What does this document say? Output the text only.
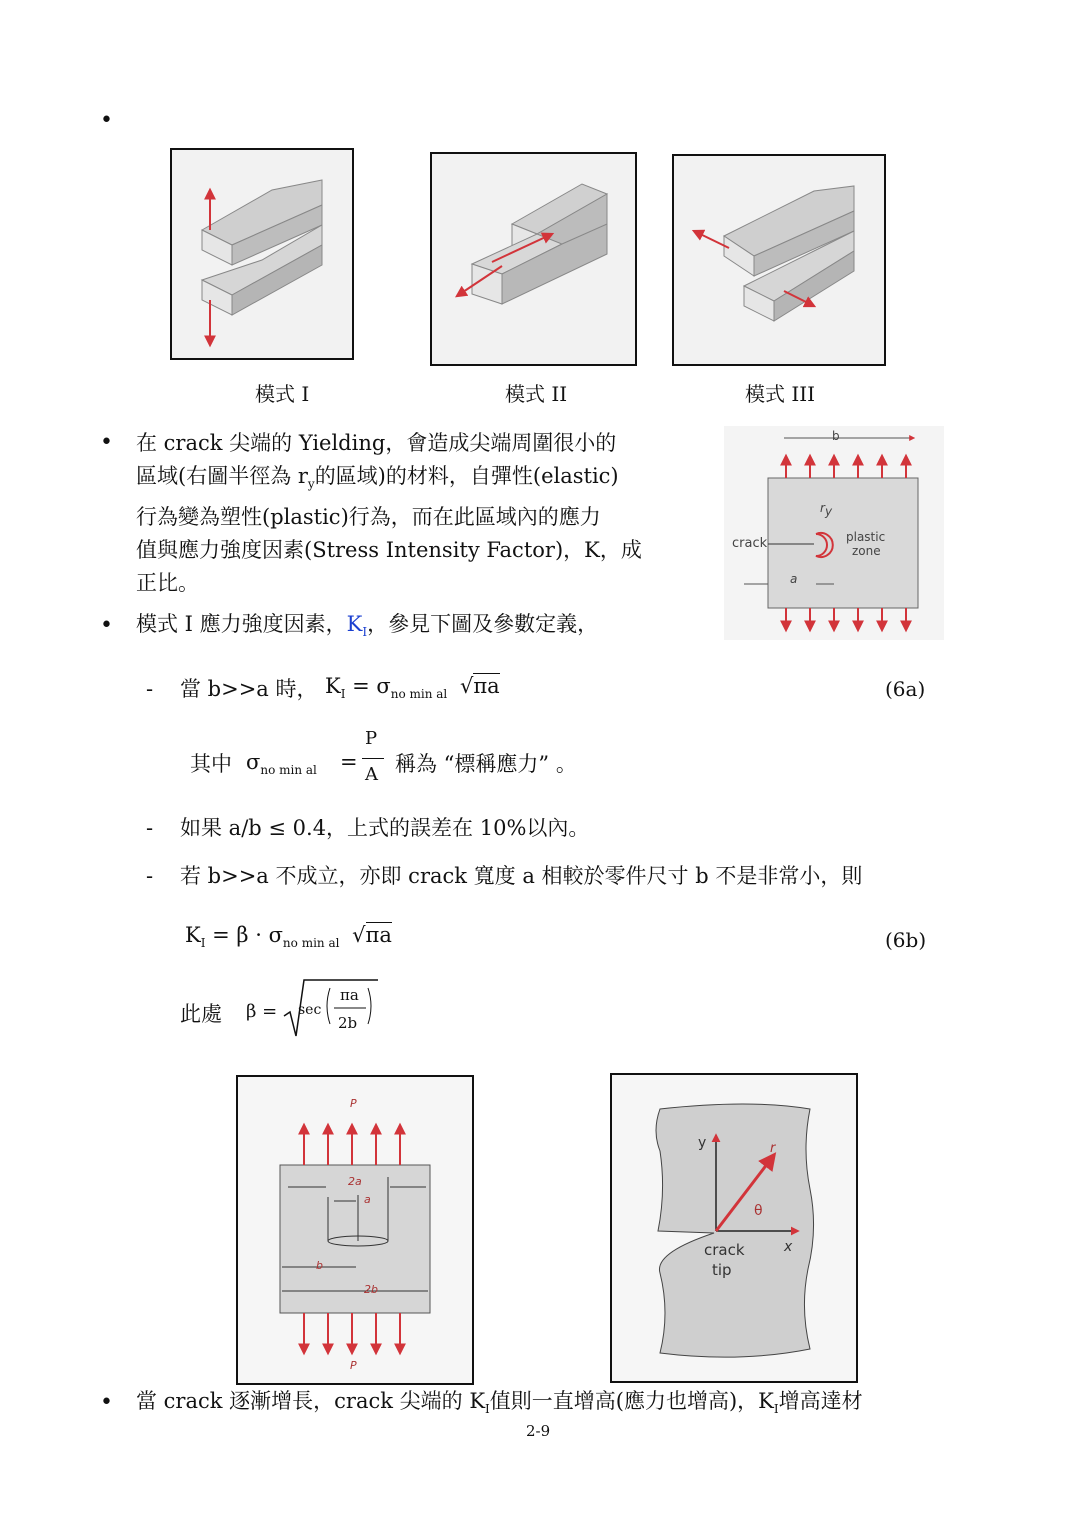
•
模式 I	模式 II	模式 III
• 在 crack 尖端的 Yielding，會造成尖端周圍很小的
區域(右圖半徑為 $r_y$的區域)的材料，自彈性(elastic)
行為變為塑性(plastic)行為，而在此區域內的應力
值與應力強度因素(Stress Intensity Factor)，K，成
正比。
b
crack
$r_y$
plastic
zone
a
• 模式 I 應力強度因素，$K_I$，參見下圖及參數定義，
- 當 b>>a 時， $K_I = \sigma_{no min al}$ √πa	(6a)
其中 $\sigma_{no min al}$ =
P
A 稱為 “標稱應力” 。
- 如果 a/b ≤ 0.4，上式的誤差在 10%以內。
- 若 b>>a 不成立，亦即 crack 寬度 a 相較於零件尺寸 b 不是非常小，則
$K_I = \beta \cdot \sigma_{no min al}$ √πa	(6b)
此處 β = sec
πa
2b
P
2a
a
b
2b
P
y	r
θ
x
crack
tip
• 當 crack 逐漸增長，crack 尖端的 $K_I$值則一直增高(應力也增高)，$K_I$增高達材
2-9
